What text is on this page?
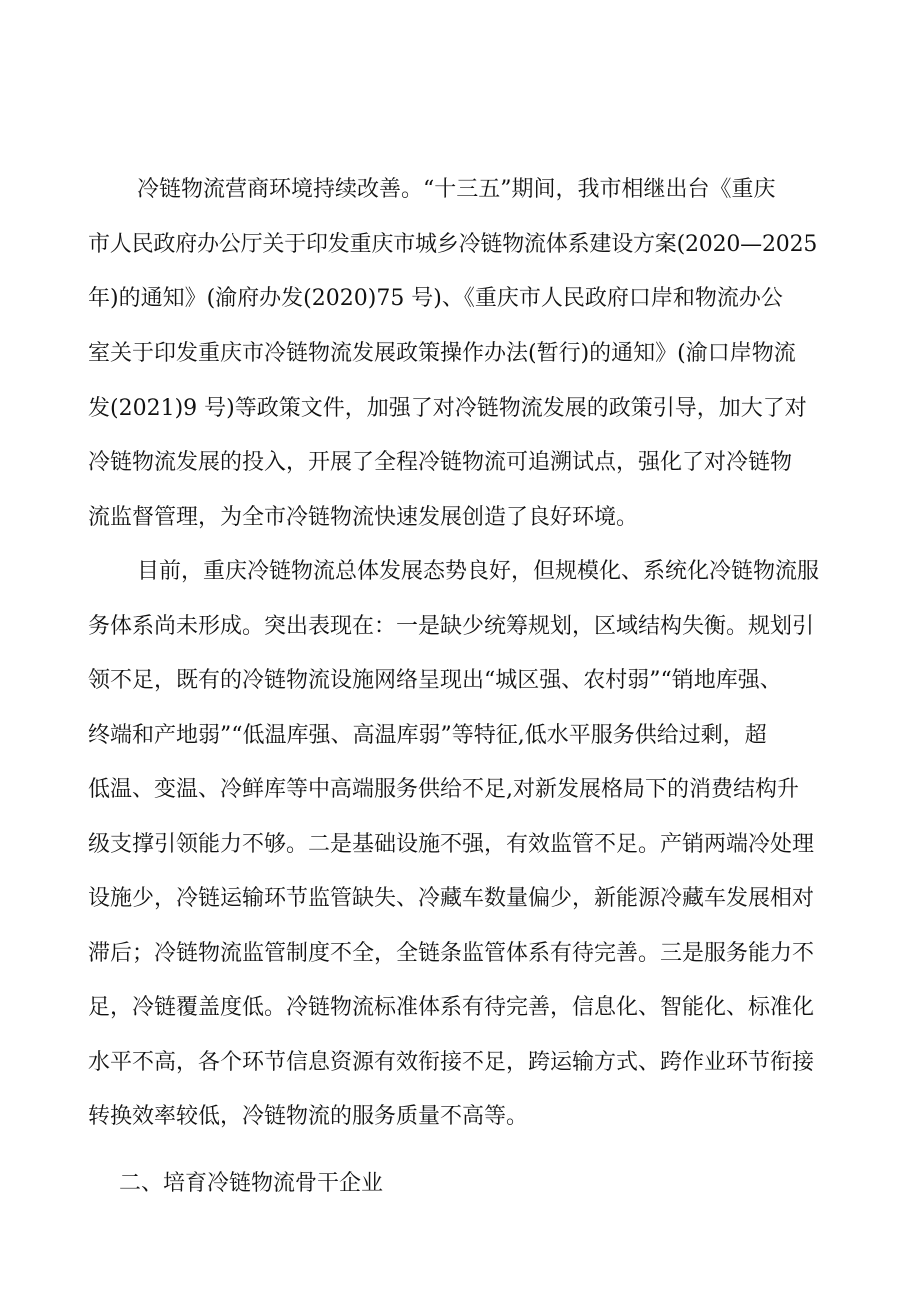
冷链物流营商环境持续改善。“十三五”期间，我市相继出台《重庆
市人民政府办公厅关于印发重庆市城乡冷链物流体系建设方案(2020—2025
年)的通知》(渝府办发(2020)75 号)、《重庆市人民政府口岸和物流办公
室关于印发重庆市冷链物流发展政策操作办法(暂行)的通知》(渝口岸物流
发(2021)9 号)等政策文件，加强了对冷链物流发展的政策引导，加大了对
冷链物流发展的投入，开展了全程冷链物流可追溯试点，强化了对冷链物
流监督管理，为全市冷链物流快速发展创造了良好环境。
目前，重庆冷链物流总体发展态势良好，但规模化、系统化冷链物流服
务体系尚未形成。突出表现在：一是缺少统筹规划，区域结构失衡。规划引
领不足，既有的冷链物流设施网络呈现出“城区强、农村弱”“销地库强、
终端和产地弱”“低温库强、高温库弱”等特征,低水平服务供给过剩，超
低温、变温、冷鲜库等中高端服务供给不足,对新发展格局下的消费结构升
级支撑引领能力不够。二是基础设施不强，有效监管不足。产销两端冷处理
设施少，冷链运输环节监管缺失、冷藏车数量偏少，新能源冷藏车发展相对
滞后；冷链物流监管制度不全，全链条监管体系有待完善。三是服务能力不
足，冷链覆盖度低。冷链物流标准体系有待完善，信息化、智能化、标准化
水平不高，各个环节信息资源有效衔接不足，跨运输方式、跨作业环节衔接
转换效率较低，冷链物流的服务质量不高等。
二、培育冷链物流骨干企业
